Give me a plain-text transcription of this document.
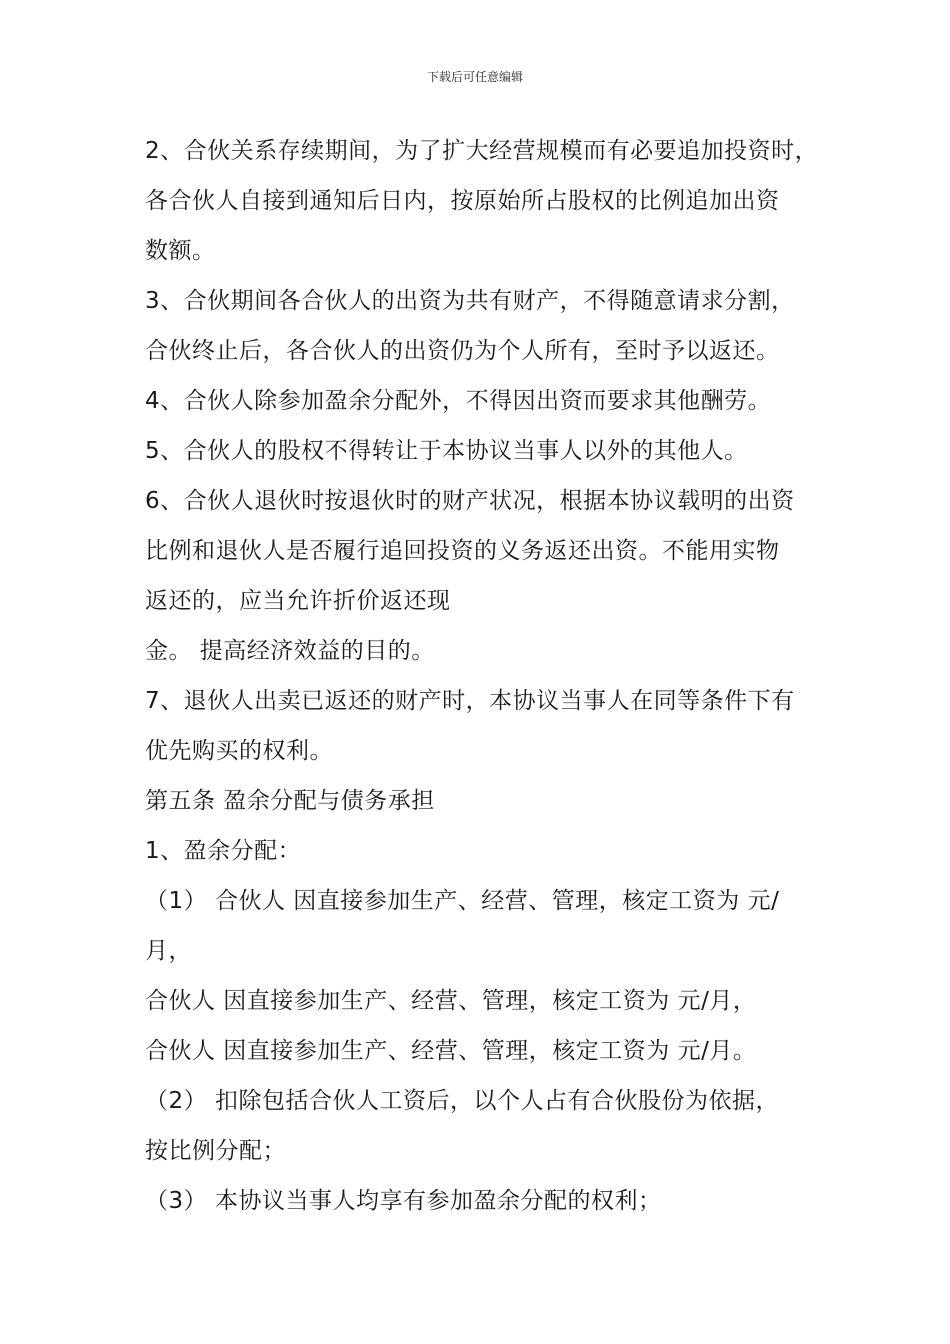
下载后可任意编辑
2、合伙关系存续期间，为了扩大经营规模而有必要追加投资时，
各合伙人自接到通知后日内，按原始所占股权的比例追加出资
数额。
3、合伙期间各合伙人的出资为共有财产，不得随意请求分割，
合伙终止后，各合伙人的出资仍为个人所有，至时予以返还。
4、合伙人除参加盈余分配外，不得因出资而要求其他酬劳。
5、合伙人的股权不得转让于本协议当事人以外的其他人。
6、合伙人退伙时按退伙时的财产状况，根据本协议载明的出资
比例和退伙人是否履行追回投资的义务返还出资。不能用实物
返还的，应当允许折价返还现
金。 提高经济效益的目的。
7、退伙人出卖已返还的财产时，本协议当事人在同等条件下有
优先购买的权利。
第五条 盈余分配与债务承担
1、盈余分配：
（1） 合伙人 因直接参加生产、经营、管理，核定工资为 元/
月，
合伙人 因直接参加生产、经营、管理，核定工资为 元/月，
合伙人 因直接参加生产、经营、管理，核定工资为 元/月。
（2） 扣除包括合伙人工资后，以个人占有合伙股份为依据，
按比例分配；
（3） 本协议当事人均享有参加盈余分配的权利；
